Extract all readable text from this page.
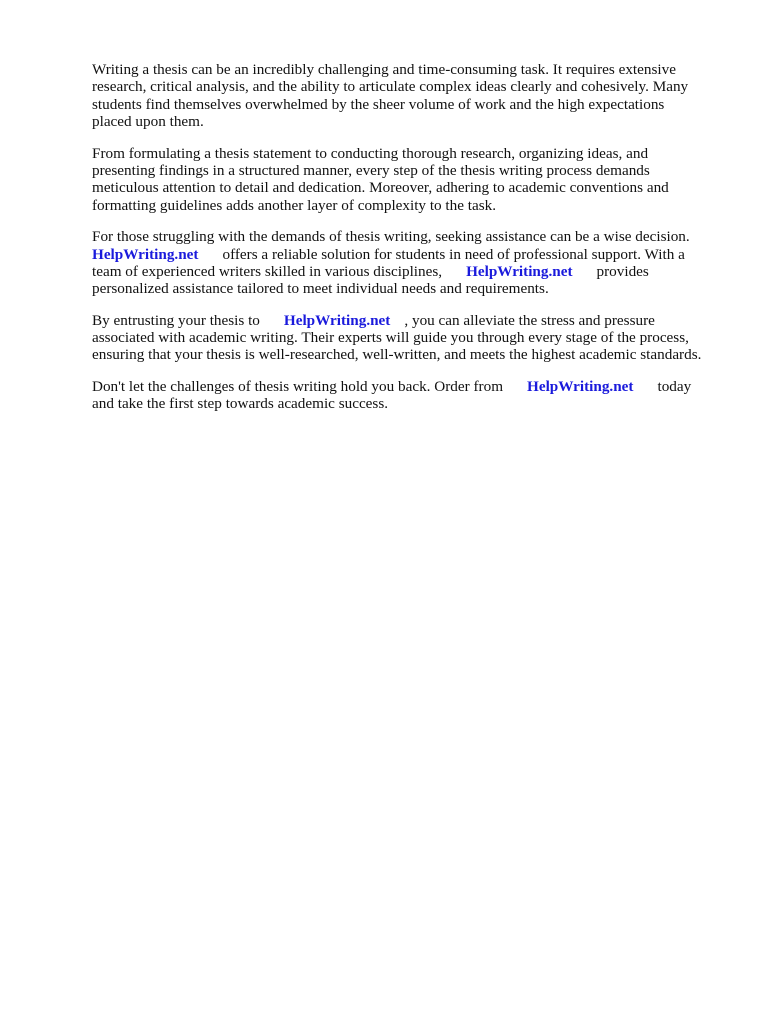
Writing a thesis can be an incredibly challenging and time-consuming task. It requires extensive
research, critical analysis, and the ability to articulate complex ideas clearly and cohesively. Many
students find themselves overwhelmed by the sheer volume of work and the high expectations
placed upon them.

From formulating a thesis statement to conducting thorough research, organizing ideas, and
presenting findings in a structured manner, every step of the thesis writing process demands
meticulous attention to detail and dedication. Moreover, adhering to academic conventions and
formatting guidelines adds another layer of complexity to the task.

For those struggling with the demands of thesis writing, seeking assistance can be a wise decision.
HelpWriting.net offers a reliable solution for students in need of professional support. With a
team of experienced writers skilled in various disciplines, HelpWriting.net provides
personalized assistance tailored to meet individual needs and requirements.

By entrusting your thesis to HelpWriting.net , you can alleviate the stress and pressure
associated with academic writing. Their experts will guide you through every stage of the process,
ensuring that your thesis is well-researched, well-written, and meets the highest academic standards.

Don't let the challenges of thesis writing hold you back. Order from HelpWriting.net today
and take the first step towards academic success.
